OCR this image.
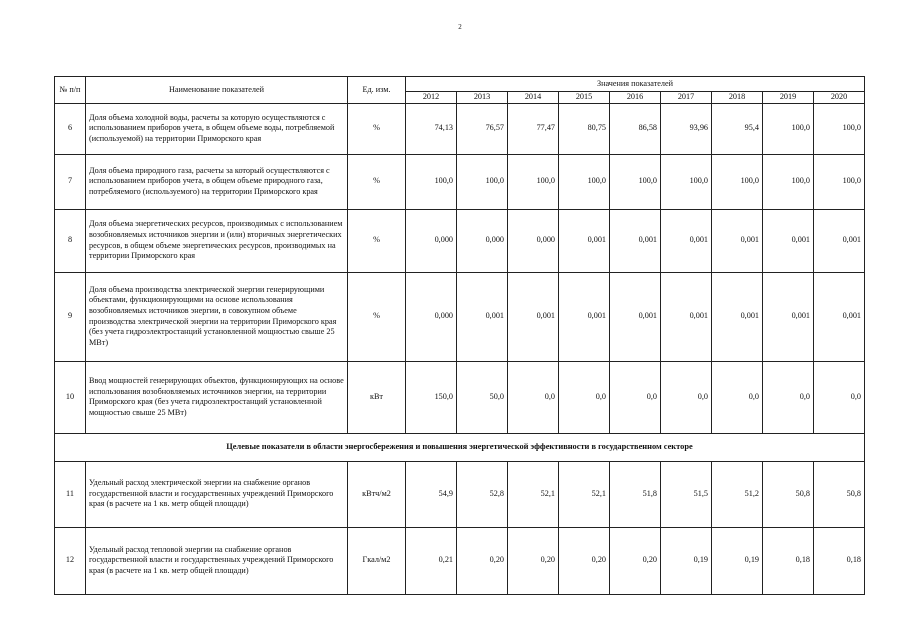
2
№ п/п	Наименование показателей	Ед. изм.	Значения показателей								
			2012	2013	2014	2015	2016	2017	2018	2019	2020
6	Доля объема холодной воды, расчеты за которую осуществляются с использованием приборов учета, в общем объеме воды, потребляемой (используемой) на территории Приморского края	%	74,13	76,57	77,47	80,75	86,58	93,96	95,4	100,0	100,0
7	Доля объема природного газа, расчеты за который осуществляются с использованием приборов учета, в общем объеме природного газа, потребляемого (используемого) на территории Приморского края	%	100,0	100,0	100,0	100,0	100,0	100,0	100,0	100,0	100,0
8	Доля объема энергетических ресурсов, производимых с использованием возобновляемых источников энергии и (или) вторичных энергетических ресурсов, в общем объеме энергетических ресурсов, производимых на территории Приморского края	%	0,000	0,000	0,000	0,001	0,001	0,001	0,001	0,001	0,001
9	Доля объема производства электрической энергии генерирующими объектами, функционирующими на основе использования возобновляемых источников энергии, в совокупном объеме производства электрической энергии на территории Приморского края (без учета гидроэлектростанций установленной мощностью свыше 25 МВт)	%	0,000	0,001	0,001	0,001	0,001	0,001	0,001	0,001	0,001
10	Ввод мощностей генерирующих объектов, функционирующих на основе использования возобновляемых источников энергии, на территории Приморского края (без учета гидроэлектростанций установленной мощностью свыше 25 МВт)	кВт	150,0	50,0	0,0	0,0	0,0	0,0	0,0	0,0	0,0
Целевые показатели в области энергосбережения и повышения энергетической эффективности в государственном секторе											
11	Удельный расход электрической энергии на снабжение органов государственной власти и государственных учреждений Приморского края (в расчете на 1 кв. метр общей площади)	кВтч/м2	54,9	52,8	52,1	52,1	51,8	51,5	51,2	50,8	50,8
12	Удельный расход тепловой энергии на снабжение органов государственной власти и государственных учреждений Приморского края (в расчете на 1 кв. метр общей площади)	Гкал/м2	0,21	0,20	0,20	0,20	0,20	0,19	0,19	0,18	0,18
